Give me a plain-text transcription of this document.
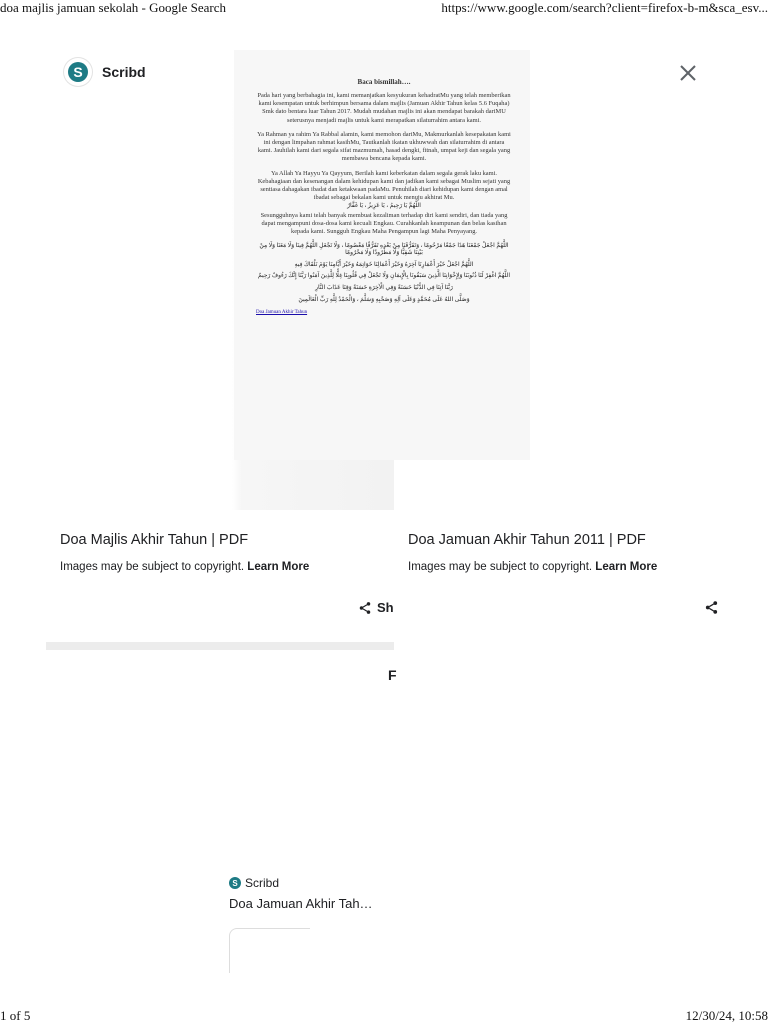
doa majlis jamuan sekolah - Google Search	https://www.google.com/search?client=firefox-b-m&sca_esv...
S	Scribd
Doa Majlis Akhir Tahun | PDF
Images may be subject to copyright. Learn More
Sh
Doa Jamuan Akhir Tahun 2011 | PDF
Images may be subject to copyright. Learn More
Baca bismillah….

Pada hari yang berbahagia ini, kami memanjatkan kesyukuran kehadratMu yang telah memberikan kami kesempatan untuk berhimpun bersama dalam majlis (Jamuan Akhir Tahun kelas 5.6 Fuqaha) Smk dato bentara luar Tahun 2017. Mudah mudahan majlis ini akan mendapat barakah dariMU seterusnya menjadi majlis untuk kami merapatkan silaturrahim antara kami.

Ya Rahman ya rahim Ya Rabbal alamin, kami memohon dariMu, Makmurkanlah kesepakatan kami ini dengan limpahan rahmat kasihMu, Tautkanlah ikatan ukhuwwah dan silaturrahim di antara kami. Jauhilah kami dari segala sifat mazmumah, hasad dengki, fitnah, umpat keji dan segala yang membawa bencana kepada kami.

Ya Allah Ya Hayyu Ya Qayyum, Berilah kami keberkatan dalam segala gerak laku kami. Kebahagiaan dan kesenangan dalam kehidupan kami dan jadikan kami sebagai Muslim sejati yang sentiasa dahagakan ibadat dan ketakwaan padaMu. Penuhilah diari kehidupan kami dengan amal ibadat sebagai bekalan kami untuk menuju akhirat Mu.

اللَّهُمَّ يَا رَحِيمُ ، يَا عَزِيزُ ، يَا غَفَّارُ

Sesungguhnya kami telah banyak membuat kezaliman terhadap diri kami sendiri, dan tiada yang dapat mengampuni dosa-dosa kami kecuali Engkau. Curahkanlah keampunan dan belas kasihan kepada kami. Sungguh Engkau Maha Pengampun lagi Maha Penyayang.

اللَّهُمَّ اجْعَلْ جَمْعَنَا هَذَا جَمْعًا مَرْحُومًا ، وَتَفَرُّقَنَا مِنْ بَعْدِهِ تَفَرُّقًا مَعْصُومًا ، وَلَا تَجْعَلِ اللَّهُمَّ فِينَا وَلَا مَعَنَا وَلَا مِنْ بَيْنِنَا شَقِيًّا وَلَا مَطْرُودًا وَلَا مَحْرُومًا

اللَّهُمَّ اجْعَلْ خَيْرَ أَعْمَارِنَا آخِرَهُ وَخَيْرَ أَعْمَالِنَا خَوَاتِمَهُ وَخَيْرَ أَيَّامِنَا يَوْمَ نَلْقَاكَ فِيهِ

اللَّهُمَّ اغْفِرْ لَنَا ذُنُوبَنَا وَلِإِخْوَانِنَا الَّذِينَ سَبَقُونَا بِالْإِيمَانِ وَلَا تَجْعَلْ فِي قُلُوبِنَا غِلًّا لِلَّذِينَ آمَنُوا رَبَّنَا إِنَّكَ رَءُوفٌ رَحِيمٌ

رَبَّنَا آتِنَا فِي الدُّنْيَا حَسَنَةً وَفِي الْآخِرَةِ حَسَنَةً وَقِنَا عَذَابَ النَّارِ

وَصَلَّى اللهُ عَلَى مُحَمَّدٍ وَعَلَى آلِهِ وَصَحْبِهِ وَسَلَّمَ ، وَالْحَمْدُ لِلَّهِ رَبِّ الْعَالَمِينَ

Doa Jamuan Akhir Tahun
F
S Scribd
Doa Jamuan Akhir Tah…
1 of 5	12/30/24, 10:58
